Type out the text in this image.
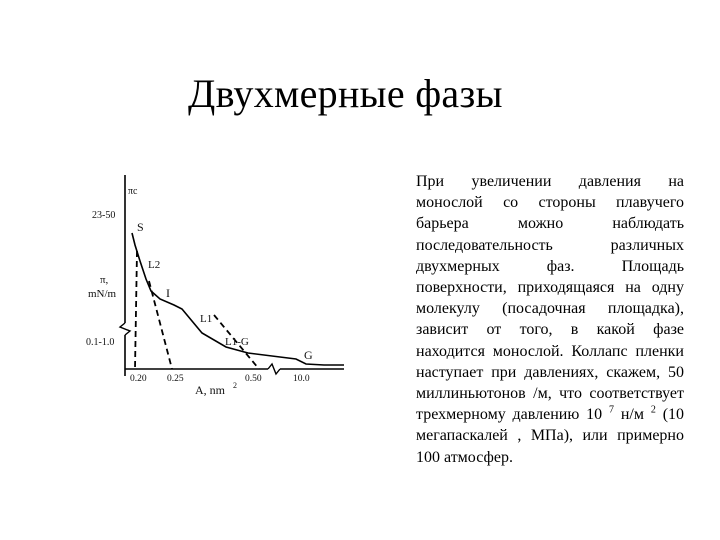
Двухмерные фазы
πc
23-50
π,
mN/m
0.1-1.0
S
L2
I
L1
L1-G
G
0.20 0.25	0.50	10.0
A, nm 2

При увеличении давления на монослой со стороны плавучего барьера можно наблюдать последовательность различных двухмерных фаз. Площадь поверхности, приходящаяся на одну молекулу (посадочная площадка), зависит от того, в какой фазе находится монослой. Коллапс пленки наступает при давлениях, скажем, 50 миллиньютонов /м, что соответствует трехмерному давлению 10 $^7$ н/м $^2$ (10 мегапаскалей , МПа), или примерно 100 атмосфер.
